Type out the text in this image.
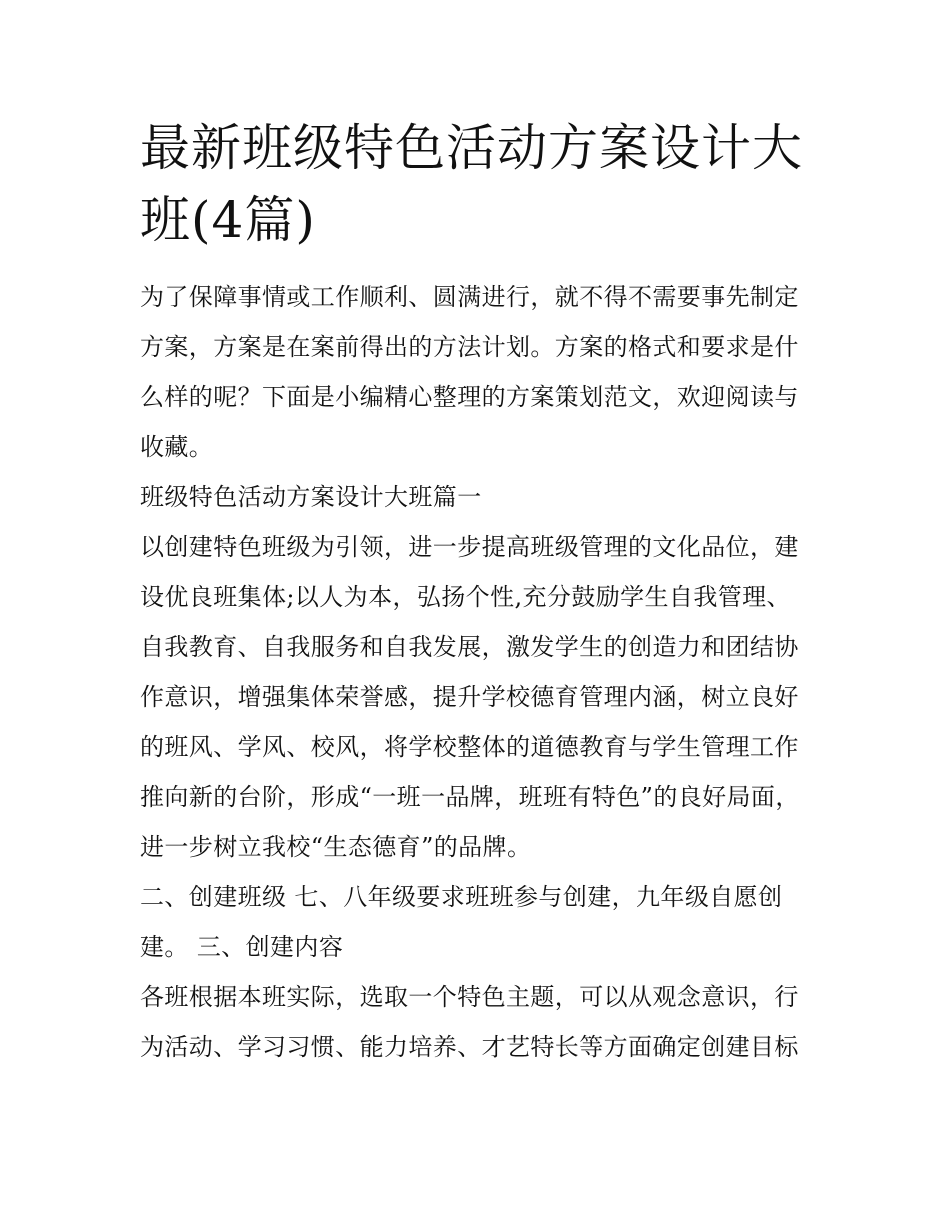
最新班级特色活动方案设计大班(4篇)

为了保障事情或工作顺利、圆满进行，就不得不需要事先制定方案，方案是在案前得出的方法计划。方案的格式和要求是什么样的呢？下面是小编精心整理的方案策划范文，欢迎阅读与收藏。

班级特色活动方案设计大班篇一

以创建特色班级为引领，进一步提高班级管理的文化品位，建设优良班集体;以人为本，弘扬个性,充分鼓励学生自我管理、自我教育、自我服务和自我发展，激发学生的创造力和团结协作意识，增强集体荣誉感，提升学校德育管理内涵，树立良好的班风、学风、校风，将学校整体的道德教育与学生管理工作推向新的台阶，形成“一班一品牌，班班有特色”的良好局面，进一步树立我校“生态德育”的品牌。

二、创建班级 七、八年级要求班班参与创建，九年级自愿创建。 三、创建内容

各班根据本班实际，选取一个特色主题，可以从观念意识，行为活动、学习习惯、能力培养、才艺特长等方面确定创建目标
